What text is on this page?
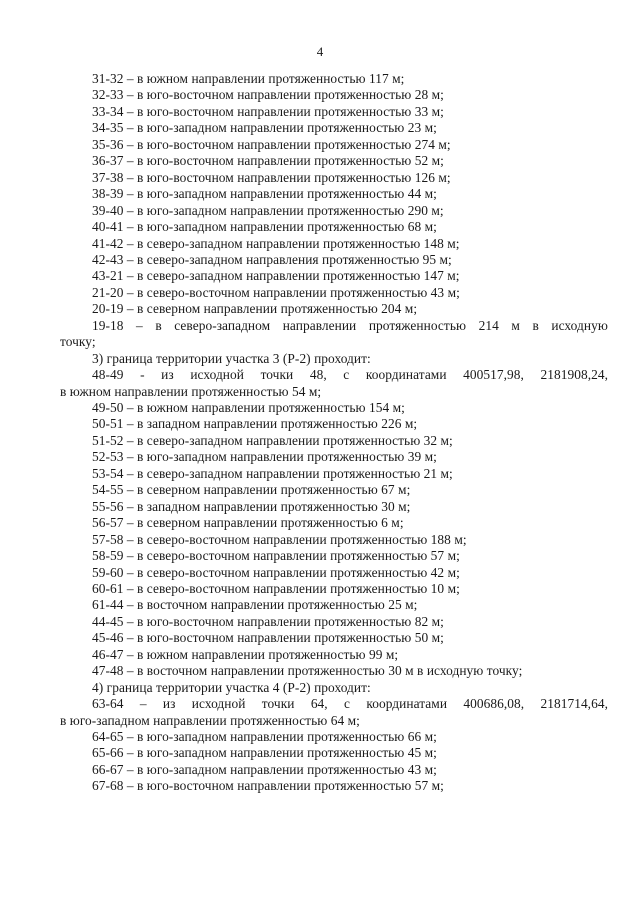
4
31-32 – в южном направлении протяженностью 117 м;
32-33 – в юго-восточном направлении протяженностью 28 м;
33-34 – в юго-восточном направлении протяженностью 33 м;
34-35 – в юго-западном направлении протяженностью 23 м;
35-36 – в юго-восточном направлении протяженностью 274 м;
36-37 – в юго-восточном направлении протяженностью 52 м;
37-38 – в юго-восточном направлении протяженностью 126 м;
38-39 – в юго-западном направлении протяженностью 44 м;
39-40 – в юго-западном направлении протяженностью 290 м;
40-41 – в юго-западном направлении протяженностью 68 м;
41-42 – в северо-западном направлении протяженностью 148 м;
42-43 – в северо-западном направления протяженностью 95 м;
43-21 – в северо-западном направлении протяженностью 147 м;
21-20 – в северо-восточном направлении протяженностью 43 м;
20-19 – в северном направлении протяженностью 204 м;
19-18 – в северо-западном направлении протяженностью 214 м в исходную
точку;
3) граница территории участка 3 (Р-2) проходит:
48-49 - из исходной точки 48, с координатами 400517,98, 2181908,24,
в южном направлении протяженностью 54 м;
49-50 – в южном направлении протяженностью 154 м;
50-51 – в западном направлении протяженностью 226 м;
51-52 – в северо-западном направлении протяженностью 32 м;
52-53 – в юго-западном направлении протяженностью 39 м;
53-54 – в северо-западном направлении протяженностью 21 м;
54-55 – в северном направлении протяженностью 67 м;
55-56 – в западном направлении протяженностью 30 м;
56-57 – в северном направлении протяженностью 6 м;
57-58 – в северо-восточном направлении протяженностью 188 м;
58-59 – в северо-восточном направлении протяженностью 57 м;
59-60 – в северо-восточном направлении протяженностью 42 м;
60-61 – в северо-восточном направлении протяженностью 10 м;
61-44 – в восточном направлении протяженностью 25 м;
44-45 – в юго-восточном направлении протяженностью 82 м;
45-46 – в юго-восточном направлении протяженностью 50 м;
46-47 – в южном направлении протяженностью 99 м;
47-48 – в восточном направлении протяженностью 30 м в исходную точку;
4) граница территории участка 4 (Р-2) проходит:
63-64 – из исходной точки 64, с координатами 400686,08, 2181714,64,
в юго-западном направлении протяженностью 64 м;
64-65 – в юго-западном направлении протяженностью 66 м;
65-66 – в юго-западном направлении протяженностью 45 м;
66-67 – в юго-западном направлении протяженностью 43 м;
67-68 – в юго-восточном направлении протяженностью 57 м;
